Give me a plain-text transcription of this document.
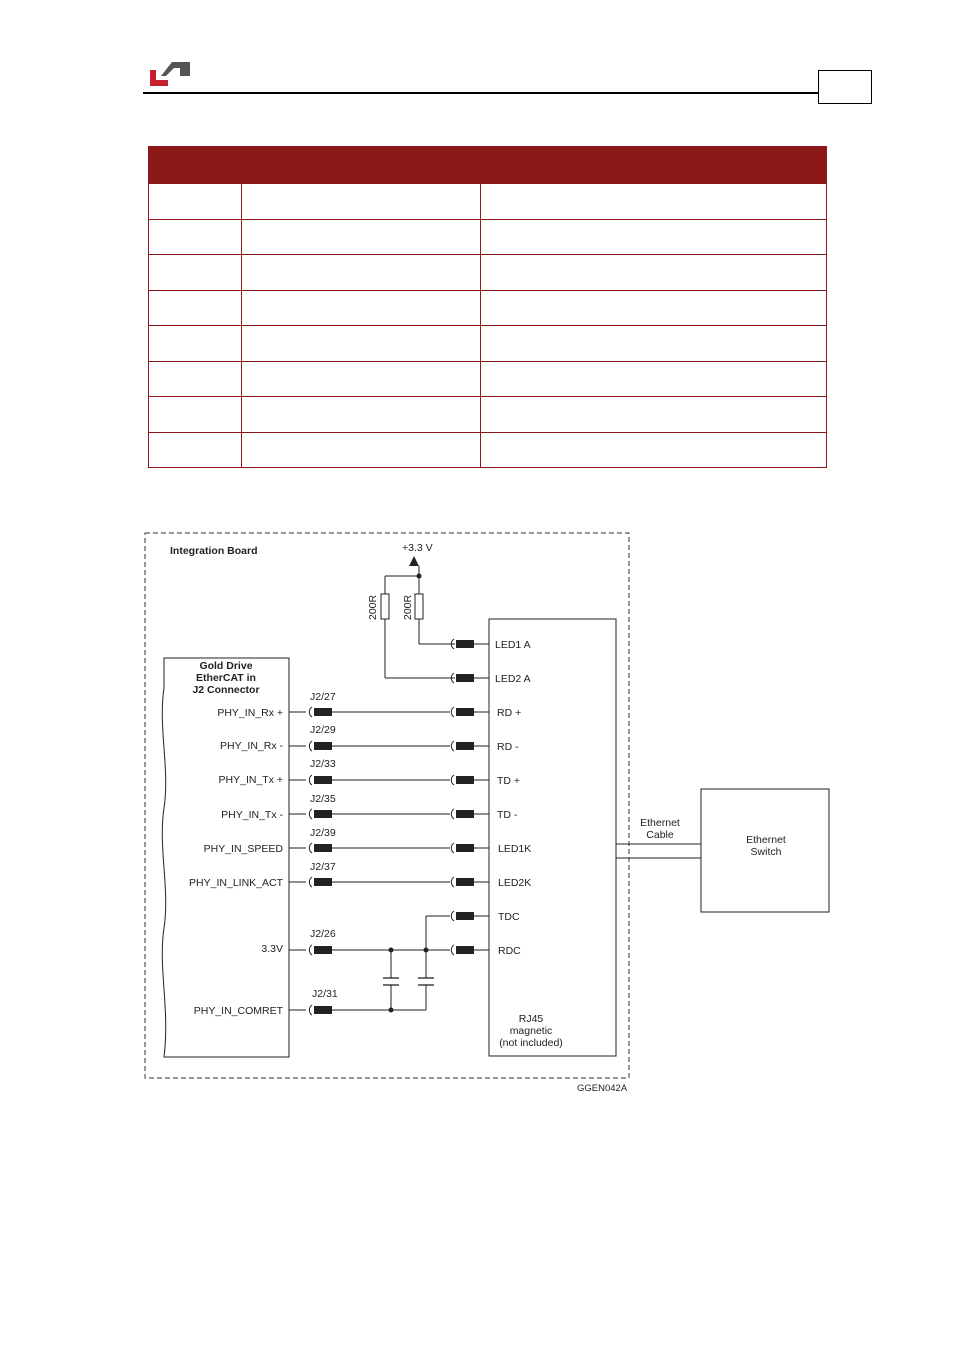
Integration Board	+3.3 V
200R 200R
Gold Drive
EtherCAT in
J2 Connector
RJ45
magnetic
(not included)
LED1 A
LED2 A
PHY_IN_Rx +
J2/27
RD +
PHY_IN_Rx -
J2/29
RD -
PHY_IN_Tx +
J2/33
TD +
PHY_IN_Tx -
J2/35
TD -
PHY_IN_SPEED
J2/39
LED1K
PHY_IN_LINK_ACT
J2/37
LED2K
TDC
3.3V
J2/26
RDC
PHY_IN_COMRET
J2/31
Ethernet
Cable	Ethernet
Switch
GGEN042A
